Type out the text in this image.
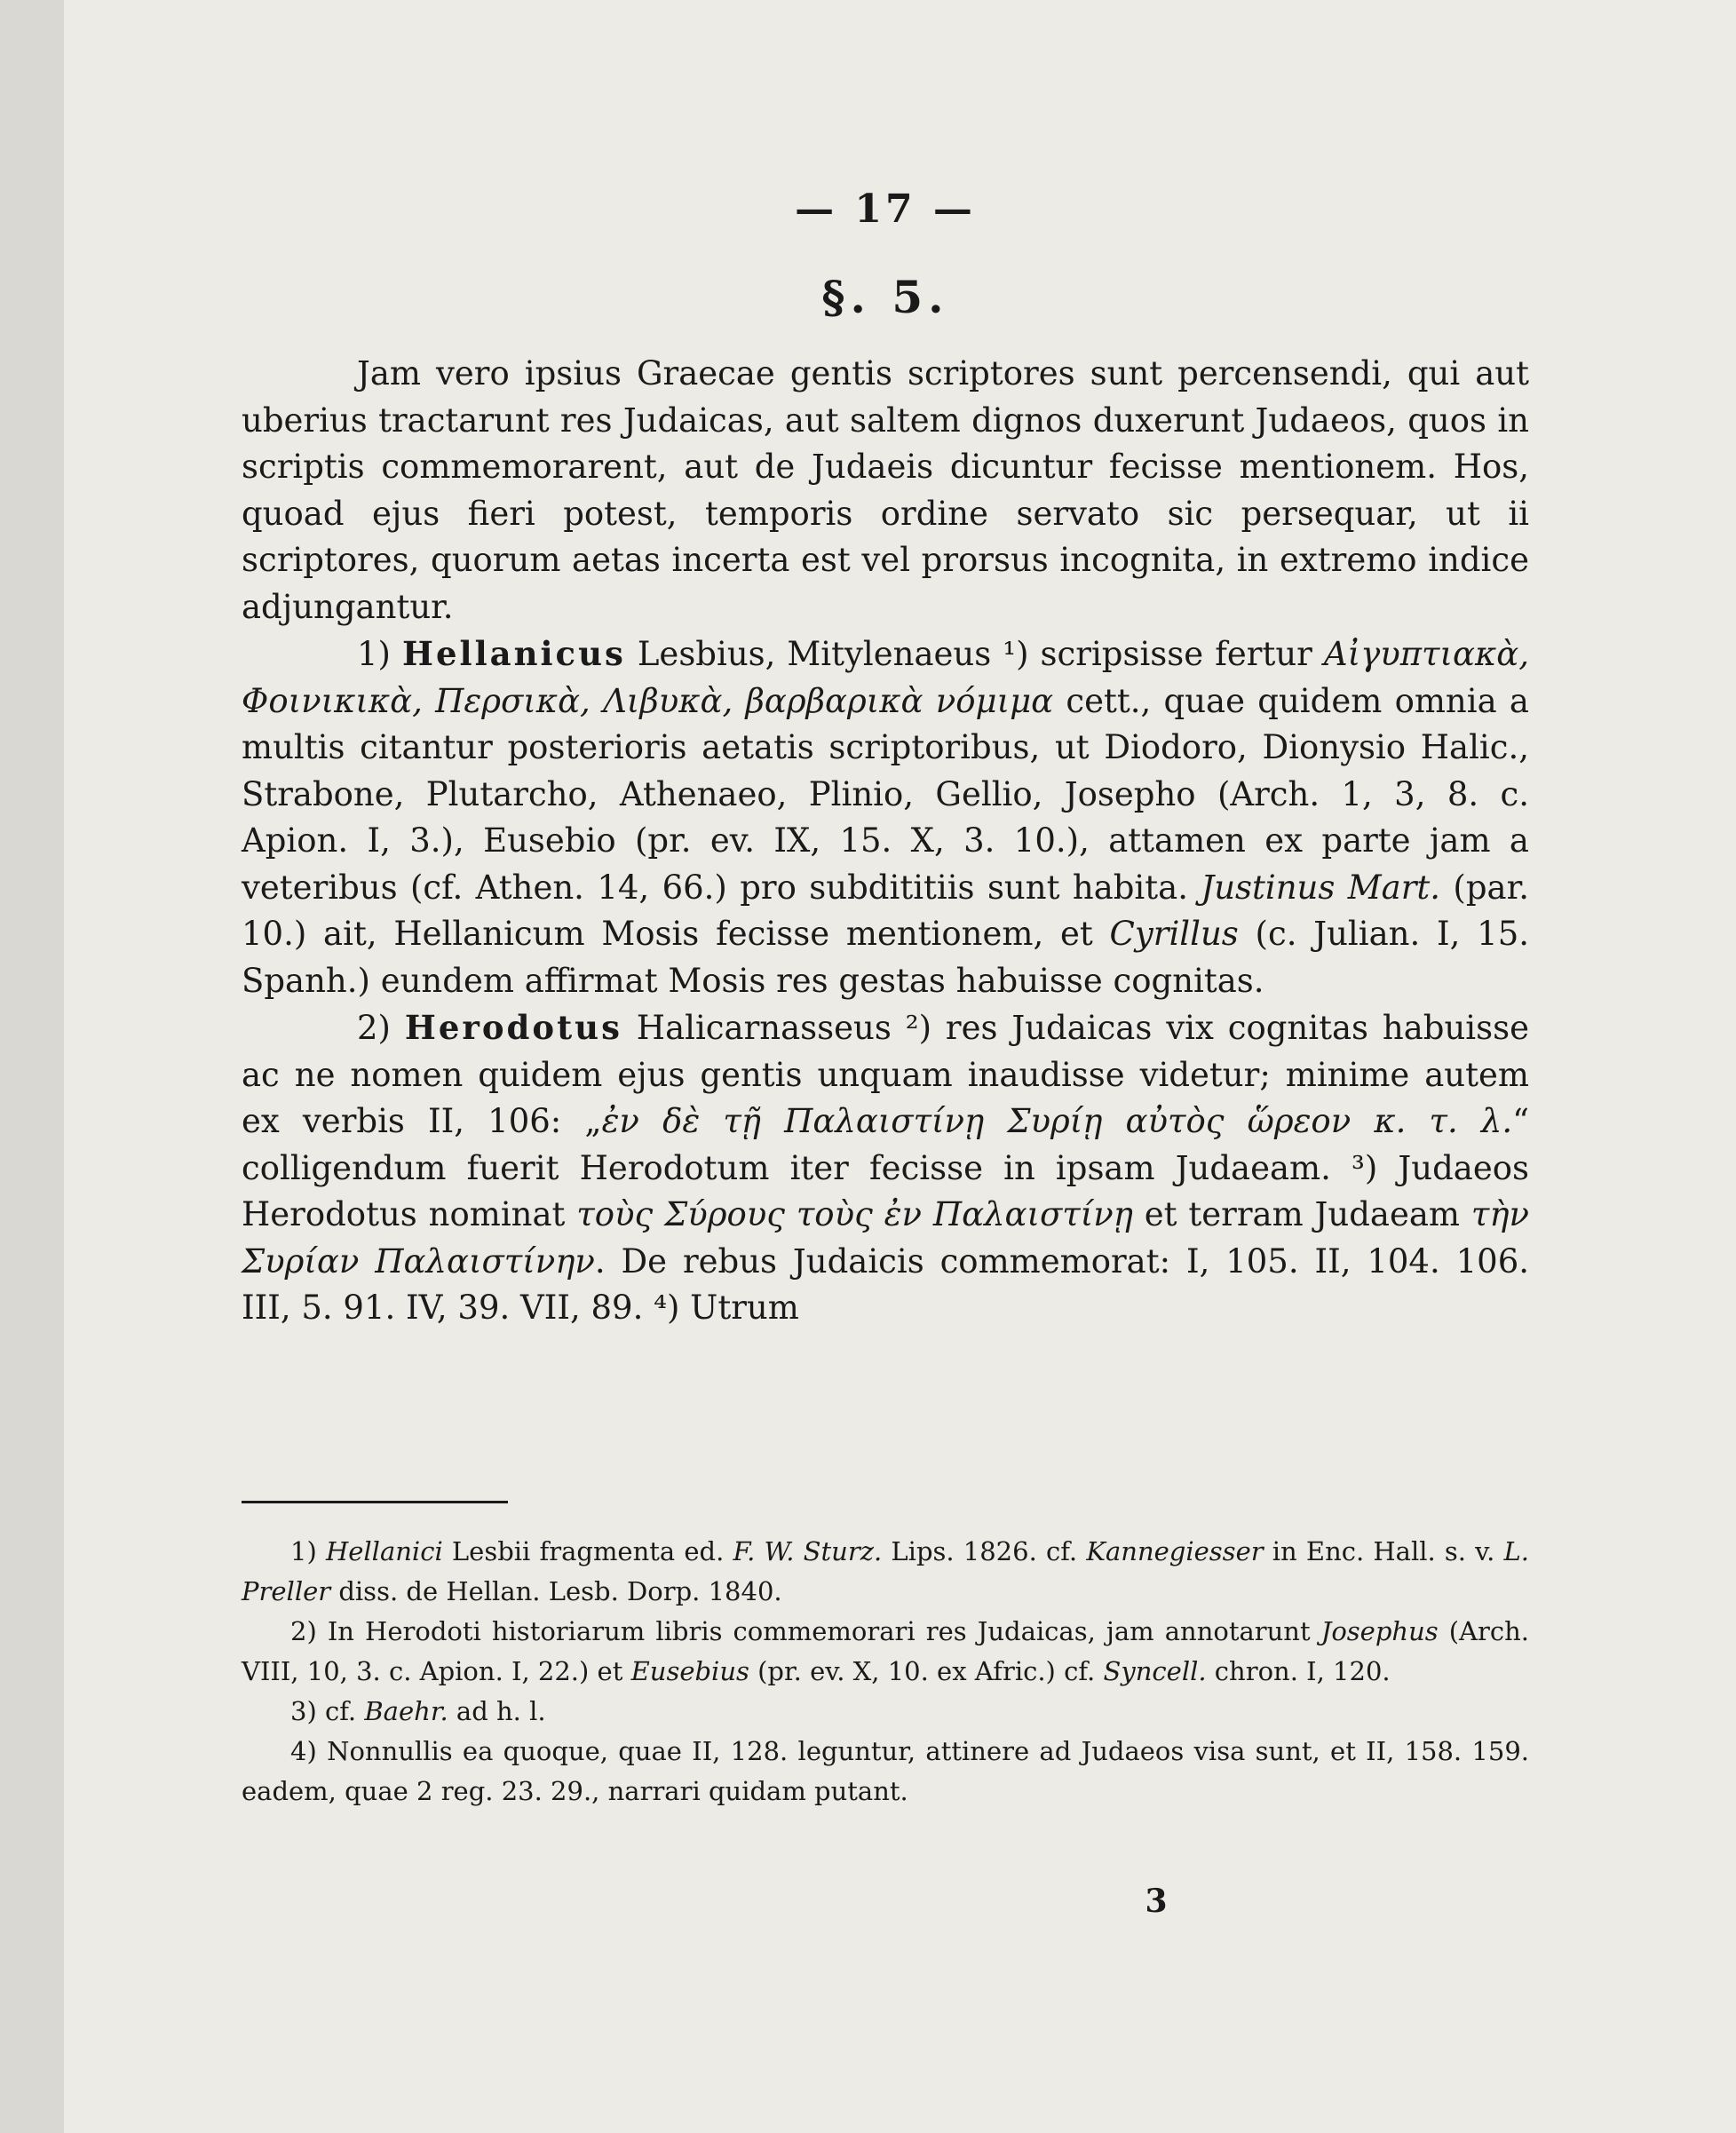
— 17 —
§. 5.

Jam vero ipsius Graecae gentis scriptores sunt percensendi, qui aut uberius tractarunt res Judaicas, aut saltem dignos duxerunt Judaeos, quos in scriptis commemorarent, aut de Judaeis dicuntur fecisse mentionem. Hos, quoad ejus fieri potest, temporis ordine servato sic persequar, ut ii scriptores, quorum aetas incerta est vel prorsus incognita, in extremo indice adjungantur.

1) Hellanicus Lesbius, Mitylenaeus ¹) scripsisse fertur Αἰγυπτιακὰ, Φοινικικὰ, Περσικὰ, Λιβυκὰ, βαρβαρικὰ νόμιμα cett., quae quidem omnia a multis citantur posterioris aetatis scriptoribus, ut Diodoro, Dionysio Halic., Strabone, Plutarcho, Athenaeo, Plinio, Gellio, Josepho (Arch. 1, 3, 8. c. Apion. I, 3.), Eusebio (pr. ev. IX, 15. X, 3. 10.), attamen ex parte jam a veteribus (cf. Athen. 14, 66.) pro subdititiis sunt habita. Justinus Mart. (par. 10.) ait, Hellanicum Mosis fecisse mentionem, et Cyrillus (c. Julian. I, 15. Spanh.) eundem affirmat Mosis res gestas habuisse cognitas.

2) Herodotus Halicarnasseus ²) res Judaicas vix cognitas habuisse ac ne nomen quidem ejus gentis unquam inaudisse videtur; minime autem ex verbis II, 106: „ἐν δὲ τῇ Παλαιστίνῃ Συρίῃ αὐτὸς ὥρεον κ. τ. λ.“ colligendum fuerit Herodotum iter fecisse in ipsam Judaeam. ³) Judaeos Herodotus nominat τοὺς Σύρους τοὺς ἐν Παλαιστίνῃ et terram Judaeam τὴν Συρίαν Παλαιστίνην. De rebus Judaicis commemorat: I, 105. II, 104. 106. III, 5. 91. IV, 39. VII, 89. ⁴) Utrum

1) Hellanici Lesbii fragmenta ed. F. W. Sturz. Lips. 1826. cf. Kannegiesser in Enc. Hall. s. v. L. Preller diss. de Hellan. Lesb. Dorp. 1840.

2) In Herodoti historiarum libris commemorari res Judaicas, jam annotarunt Josephus (Arch. VIII, 10, 3. c. Apion. I, 22.) et Eusebius (pr. ev. X, 10. ex Afric.) cf. Syncell. chron. I, 120.

3) cf. Baehr. ad h. l.

4) Nonnullis ea quoque, quae II, 128. leguntur, attinere ad Judaeos visa sunt, et II, 158. 159. eadem, quae 2 reg. 23. 29., narrari quidam putant.

3
